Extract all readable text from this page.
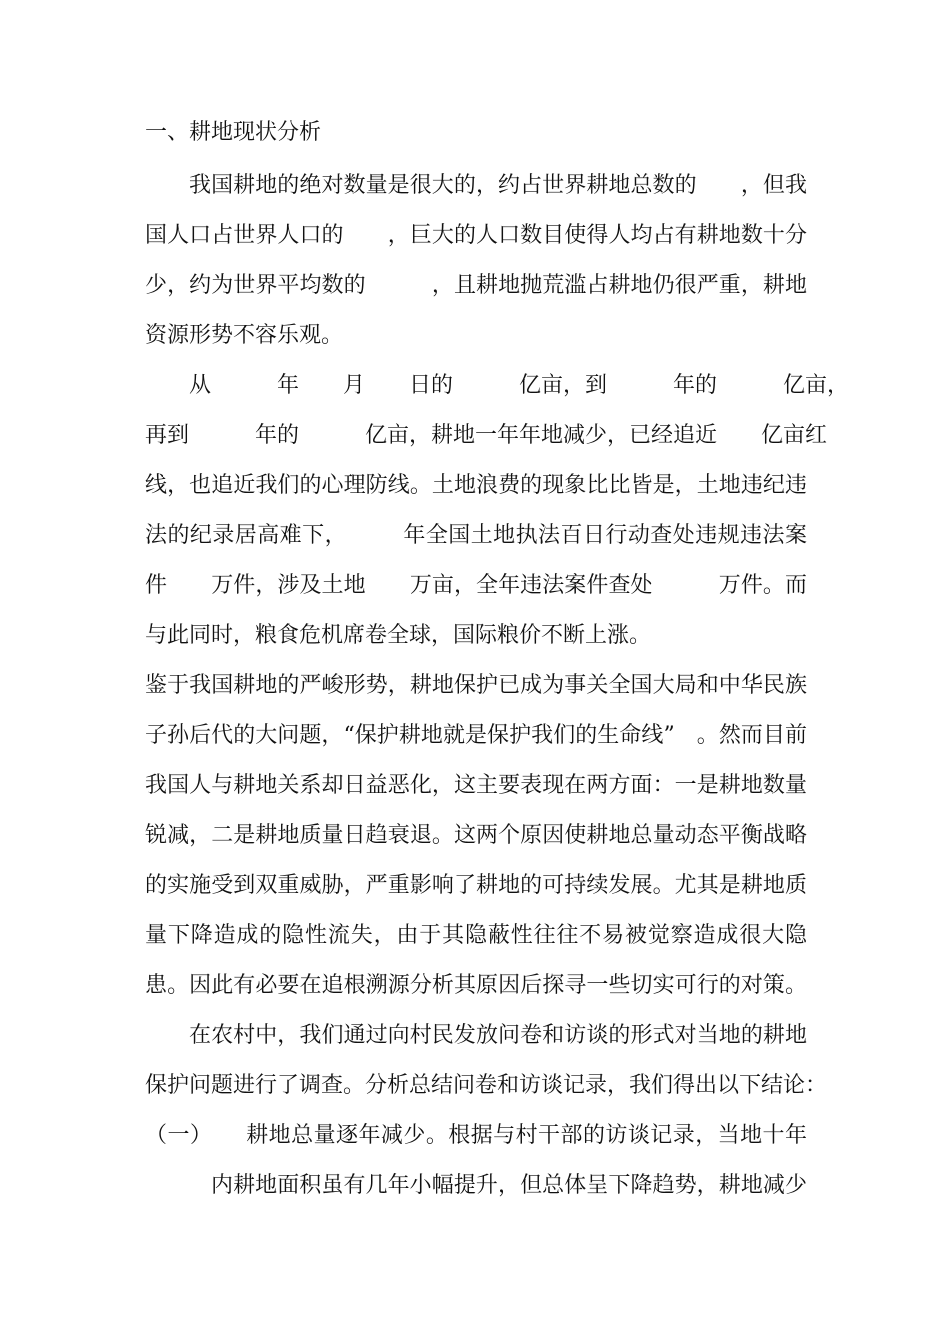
一、耕地现状分析
我国耕地的绝对数量是很大的，约占世界耕地总数的　　，但我
国人口占世界人口的　　，巨大的人口数目使得人均占有耕地数十分
少，约为世界平均数的　　　，且耕地抛荒滥占耕地仍很严重，耕地
资源形势不容乐观。
从　　　年　　月　　日的　　　亿亩，到　　　年的　　　亿亩，
再到　　　年的　　　亿亩，耕地一年年地减少，已经追近　　亿亩红
线，也追近我们的心理防线。土地浪费的现象比比皆是，土地违纪违
法的纪录居高难下，　　　年全国土地执法百日行动查处违规违法案
件　　万件，涉及土地　　万亩，全年违法案件查处　　　万件。而
与此同时，粮食危机席卷全球，国际粮价不断上涨。
鉴于我国耕地的严峻形势，耕地保护已成为事关全国大局和中华民族
子孙后代的大问题，“保护耕地就是保护我们的生命线”　。然而目前
我国人与耕地关系却日益恶化，这主要表现在两方面：一是耕地数量
锐减，二是耕地质量日趋衰退。这两个原因使耕地总量动态平衡战略
的实施受到双重威胁，严重影响了耕地的可持续发展。尤其是耕地质
量下降造成的隐性流失，由于其隐蔽性往往不易被觉察造成很大隐
患。因此有必要在追根溯源分析其原因后探寻一些切实可行的对策。
在农村中，我们通过向村民发放问卷和访谈的形式对当地的耕地
保护问题进行了调查。分析总结问卷和访谈记录，我们得出以下结论：
（一）　　耕地总量逐年减少。根据与村干部的访谈记录，当地十年
内耕地面积虽有几年小幅提升，但总体呈下降趋势，耕地减少
